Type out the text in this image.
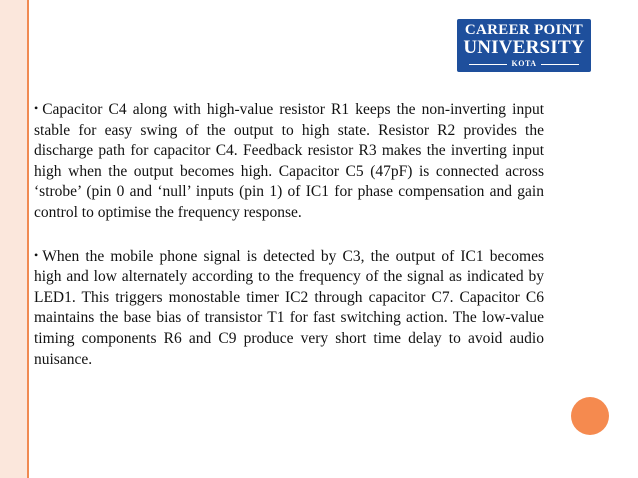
CAREER POINT
UNIVERSITY
KOTA

• Capacitor C4 along with high-value resistor R1 keeps the non-inverting input stable for easy swing of the output to high state. Resistor R2 provides the discharge path for capacitor C4. Feedback resistor R3 makes the inverting input high when the output becomes high. Capacitor C5 (47pF) is connected across ‘strobe’ (pin 0 and ‘null’ inputs (pin 1) of IC1 for phase compensation and gain control to optimise the frequency response.

• When the mobile phone signal is detected by C3, the output of IC1 becomes high and low alternately according to the frequency of the signal as indicated by LED1. This triggers monostable timer IC2 through capacitor C7. Capacitor C6 maintains the base bias of transistor T1 for fast switching action. The low-value timing components R6 and C9 produce very short time delay to avoid audio nuisance.
